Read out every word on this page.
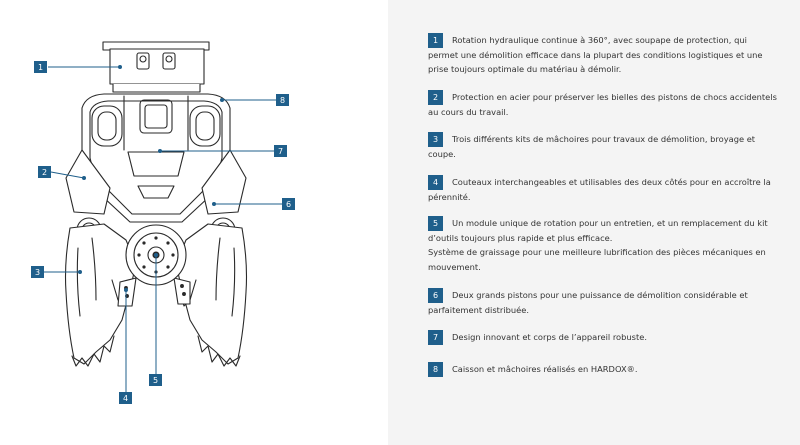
1
2
3
4
5
6
7
8
1	Rotation hydraulique continue à 360°, avec soupape de protection, qui permet une démolition efficace dans la plupart des conditions logistiques et une prise toujours optimale du matériau à démolir.
2	Protection en acier pour préserver les bielles des pistons de chocs accidentels au cours du travail.
3	Trois différents kits de mâchoires pour travaux de démolition, broyage et coupe.
4	Couteaux interchangeables et utilisables des deux côtés pour en accroître la pérennité.
5	Un module unique de rotation pour un entretien, et un remplacement du kit d’outils toujours plus rapide et plus efficace.
Système de graissage pour une meilleure lubrification des pièces mécaniques en mouvement.
6	Deux grands pistons pour une puissance de démolition considérable et parfaitement distribuée.
7	Design innovant et corps de l’appareil robuste.
8	Caisson et mâchoires réalisés en HARDOX®.
